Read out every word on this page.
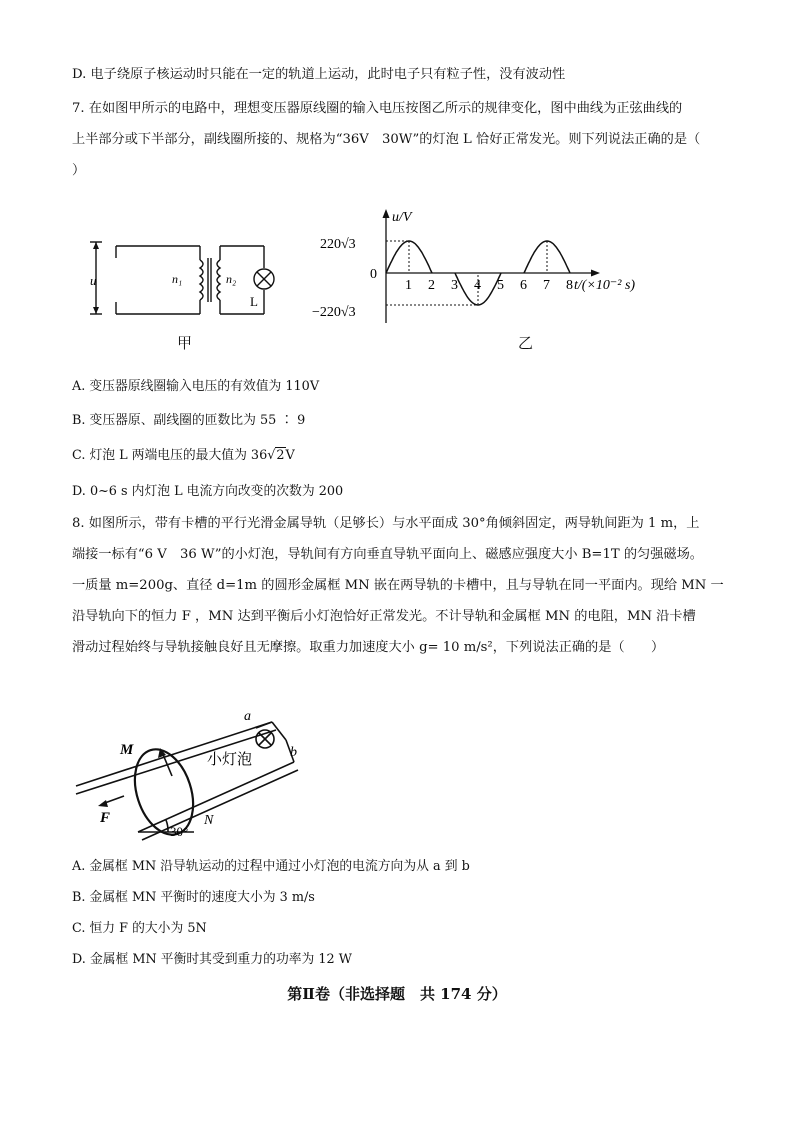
D. 电子绕原子核运动时只能在一定的轨道上运动，此时电子只有粒子性，没有波动性
7. 在如图甲所示的电路中，理想变压器原线圈的输入电压按图乙所示的规律变化，图中曲线为正弦曲线的
上半部分或下半部分，副线圈所接的、规格为“36V　30W”的灯泡 L 恰好正常发光。则下列说法正确的是（
）
u	n₁	n₂
L
甲
1 2 3 4 5 6 7 8
u/V
220√3
0
−220√3
t/(×10⁻² s)
乙
A. 变压器原线圈输入电压的有效值为 110V
B. 变压器原、副线圈的匝数比为 55 ∶ 9
C. 灯泡 L 两端电压的最大值为 36√2V
D. 0~6 s 内灯泡 L 电流方向改变的次数为 200
8. 如图所示，带有卡槽的平行光滑金属导轨（足够长）与水平面成 30°角倾斜固定，两导轨间距为 1 m，上
端接一标有“6 V　36 W”的小灯泡，导轨间有方向垂直导轨平面向上、磁感应强度大小 B=1T 的匀强磁场。
一质量 m=200g、直径 d=1m 的圆形金属框 MN 嵌在两导轨的卡槽中，且与导轨在同一平面内。现给 MN 一
沿导轨向下的恒力 F ，MN 达到平衡后小灯泡恰好正常发光。不计导轨和金属框 MN 的电阻，MN 沿卡槽
滑动过程始终与导轨接触良好且无摩擦。取重力加速度大小 g= 10 m/s²，下列说法正确的是（　　）
M
N
a
b
F
小灯泡
30°
A. 金属框 MN 沿导轨运动的过程中通过小灯泡的电流方向为从 a 到 b
B. 金属框 MN 平衡时的速度大小为 3 m/s
C. 恒力 F 的大小为 5N
D. 金属框 MN 平衡时其受到重力的功率为 12 W
第Ⅱ卷（非选择题　共 174 分）
